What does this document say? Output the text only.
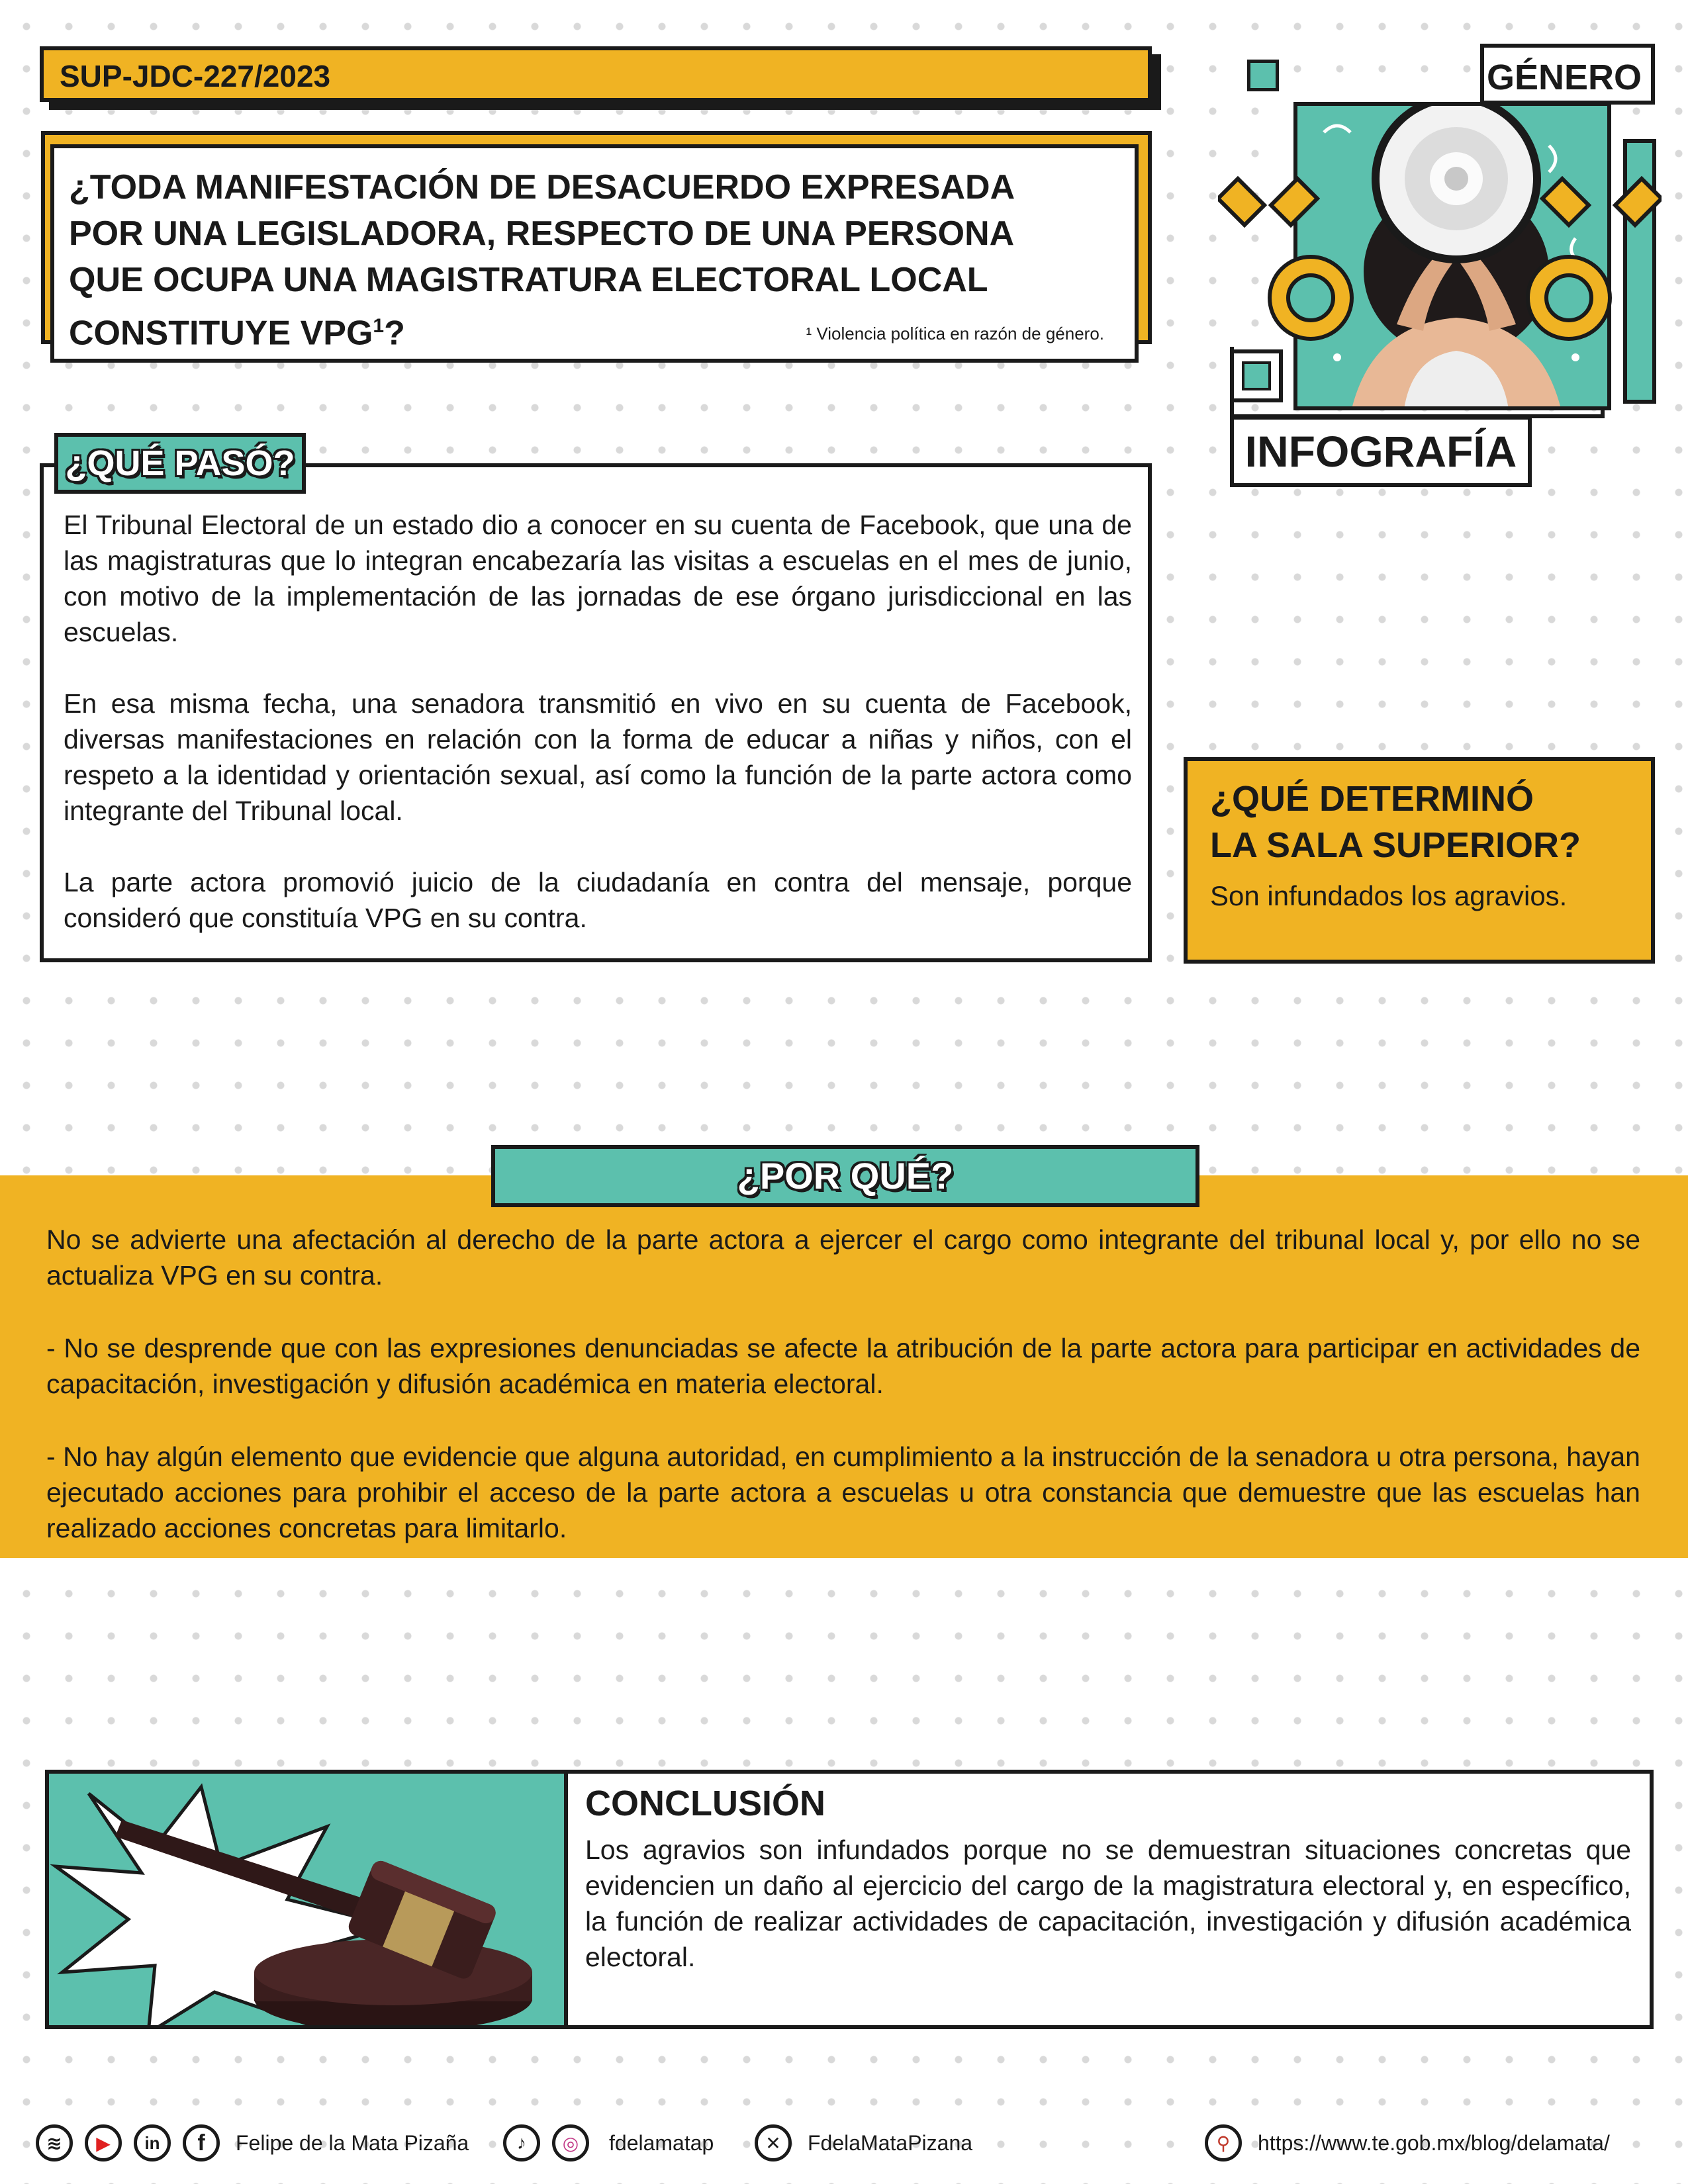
SUP-JDC-227/2023
¿TODA MANIFESTACIÓN DE DESACUERDO EXPRESADA
POR UNA LEGISLADORA, RESPECTO DE UNA PERSONA
QUE OCUPA UNA MAGISTRATURA ELECTORAL LOCAL
CONSTITUYE VPG$^1$?	¹ Violencia política en razón de género.
GÉNERO
INFOGRAFÍA

El Tribunal Electoral de un estado dio a conocer en su cuenta de Facebook, que una de las magistraturas que lo integran encabezaría las visitas a escuelas en el mes de junio, con motivo de la implementación de las jornadas de ese órgano jurisdiccional en las escuelas.

En esa misma fecha, una senadora transmitió en vivo en su cuenta de Facebook, diversas manifestaciones en relación con la forma de educar a niñas y niños, con el respeto a la identidad y orientación sexual, así como la función de la parte actora como integrante del Tribunal local.

La parte actora promovió juicio de la ciudadanía en contra del mensaje, porque consideró que constituía VPG en su contra.

¿QUÉ PASÓ?
¿QUÉ DETERMINÓ
LA SALA SUPERIOR?
Son infundados los agravios.

No se advierte una afectación al derecho de la parte actora a ejercer el cargo como integrante del tribunal local y, por ello no se actualiza VPG en su contra.

- No se desprende que con las expresiones denunciadas se afecte la atribución de la parte actora para participar en actividades de capacitación, investigación y difusión académica en materia electoral.

- No hay algún elemento que evidencie que alguna autoridad, en cumplimiento a la instrucción de la senadora u otra persona, hayan ejecutado acciones para prohibir el acceso de la parte actora a escuelas u otra constancia que demuestre que las escuelas han realizado acciones concretas para limitarlo.

¿POR QUÉ?
CONCLUSIÓN
Los agravios son infundados porque no se demuestran situaciones concretas que evidencien un daño al ejercicio del cargo de la magistratura electoral y, en específico, la función de realizar actividades de capacitación, investigación y difusión académica electoral.
≋	▶	in	f	Felipe de la Mata Pizaña	♪	◎	fdelamatap	✕	FdelaMataPizana	⚲	https://www.te.gob.mx/blog/delamata/
